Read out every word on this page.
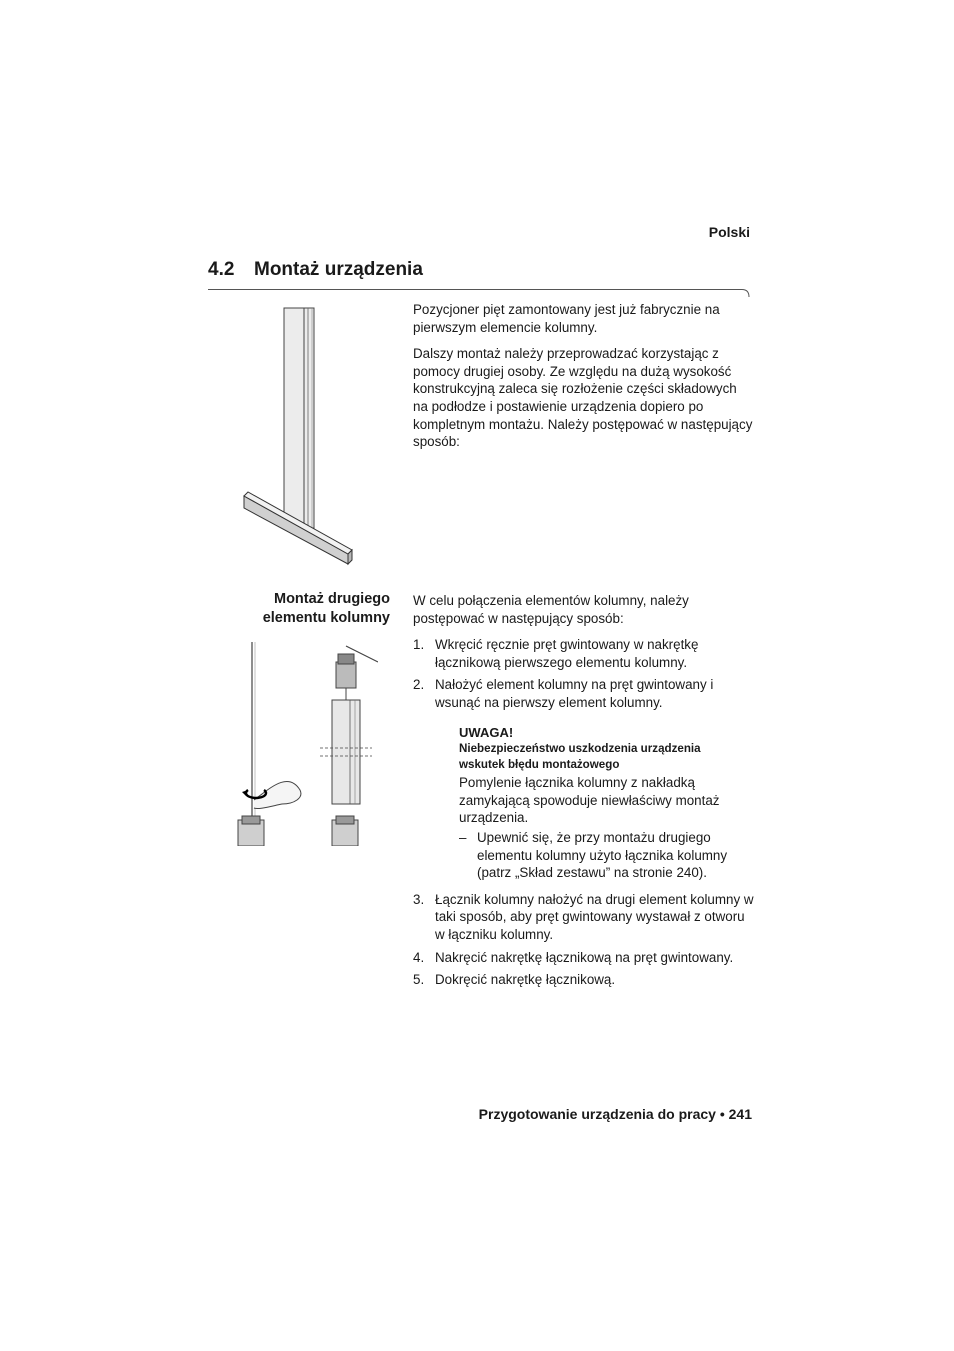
Polski
4.2 Montaż urządzenia

Pozycjoner pięt zamontowany jest już fabrycznie na pierwszym elemencie kolumny.

Dalszy montaż należy przeprowadzać korzystając z pomocy drugiej osoby. Ze względu na dużą wysokość konstrukcyjną zaleca się rozłożenie części składowych na podłodze i postawienie urządzenia dopiero po kompletnym montażu. Należy postępować w następujący sposób:

Montaż drugiego
elementu kolumny

W celu połączenia elementów kolumny, należy postępować w następujący sposób:

1. Wkręcić ręcznie pręt gwintowany w nakrętkę łącznikową pierwszego elementu kolumny.
2. Nałożyć element kolumny na pręt gwintowany i wsunąć na pierwszy element kolumny.
UWAGA!
Niebezpieczeństwo uszkodzenia urządzenia
wskutek błędu montażowego
Pomylenie łącznika kolumny z nakładką zamykającą spowoduje niewłaściwy montaż urządzenia.
– Upewnić się, że przy montażu drugiego elementu kolumny użyto łącznika kolumny (patrz „Skład zestawu” na stronie 240).
3. Łącznik kolumny nałożyć na drugi element kolumny w taki sposób, aby pręt gwintowany wystawał z otworu w łączniku kolumny.
4. Nakręcić nakrętkę łącznikową na pręt gwintowany.
5. Dokręcić nakrętkę łącznikową.
Przygotowanie urządzenia do pracy • 241
